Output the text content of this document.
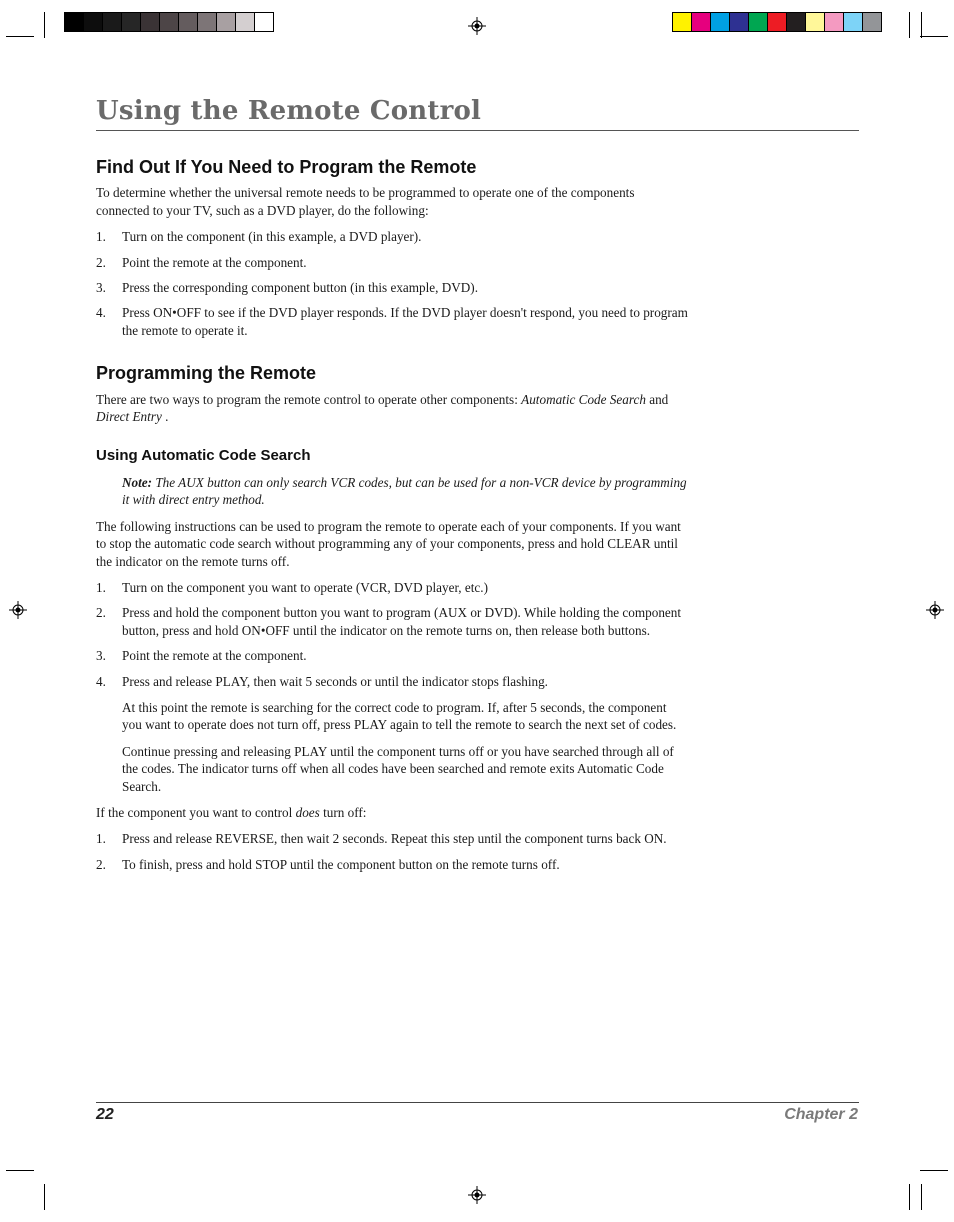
Using the Remote Control
Find Out If You Need to Program the Remote

To determine whether the universal remote needs to be programmed to operate one of the components connected to your TV, such as a DVD player, do the following:

1. Turn on the component (in this example, a DVD player).
2. Point the remote at the component.
3. Press the corresponding component button (in this example, DVD).
4. Press ON•OFF to see if the DVD player responds. If the DVD player doesn't respond, you need to program the remote to operate it.
Programming the Remote

There are two ways to program the remote control to operate other components: Automatic Code Search and Direct Entry .

Using Automatic Code Search

Note: The AUX button can only search VCR codes, but can be used for a non-VCR device by programming it with direct entry method.

The following instructions can be used to program the remote to operate each of your components. If you want to stop the automatic code search without programming any of your components, press and hold CLEAR until the indicator on the remote turns off.

1. Turn on the component you want to operate (VCR, DVD player, etc.)
2. Press and hold the component button you want to program (AUX or DVD). While holding the component button, press and hold ON•OFF until the indicator on the remote turns on, then release both buttons.
3. Point the remote at the component.
4. Press and release PLAY, then wait 5 seconds or until the indicator stops flashing.

At this point the remote is searching for the correct code to program. If, after 5 seconds, the component you want to operate does not turn off, press PLAY again to tell the remote to search the next set of codes.

Continue pressing and releasing PLAY until the component turns off or you have searched through all of the codes. The indicator turns off when all codes have been searched and remote exits Automatic Code Search.

If the component you want to control does turn off:

1. Press and release REVERSE, then wait 2 seconds. Repeat this step until the component turns back ON.
2. To finish, press and hold STOP until the component button on the remote turns off.
22	Chapter 2
